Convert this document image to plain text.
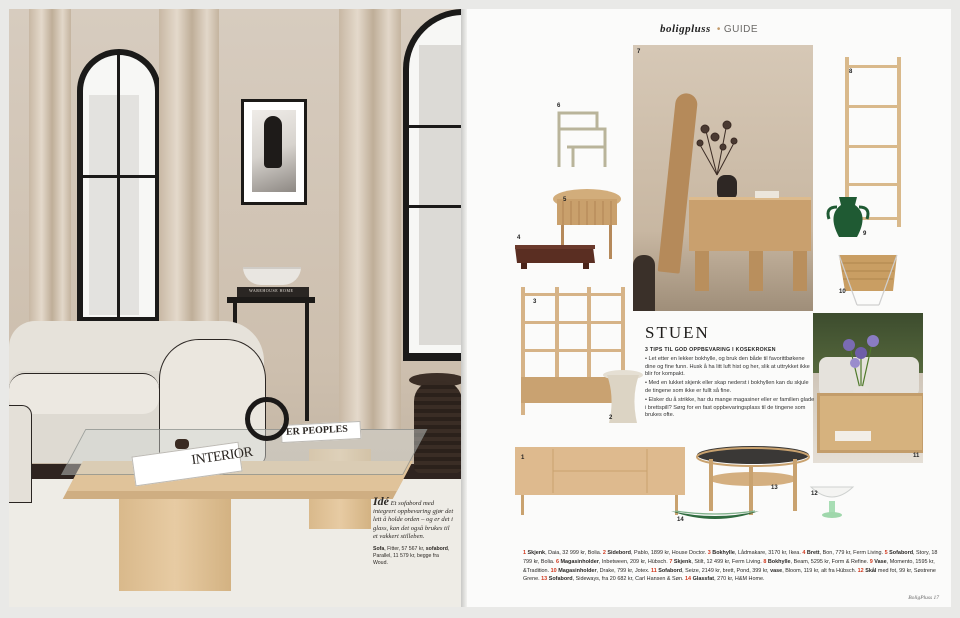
WAREHOUSE HOME
INTERIOR
ER PEOPLES
Idé Et sofabord med integrert oppbevaring gjør det lett å holde orden – og er det i glass, kan det også brukes til et vakkert stilleben.
Sofa, Fitter, 57 567 kr, sofabord, Parallel, 11 579 kr, begge fra Woud.
boligpluss • GUIDE
7
6
5
4
3
2
1
8
9
10
11
13
14
12
STUEN
3 TIPS TIL GOD OPPBEVARING I KOSEKROKEN

• Let etter en lekker bokhylle, og bruk den både til favorittbøkene dine og fine funn. Husk å ha litt luft hist og her, slik at uttrykket ikke blir for kompakt.

• Med en lukket skjenk eller skap nederst i bokhyllen kan du skjule de tingene som ikke er fullt så fine.

• Elsker du å strikke, har du mange magasiner eller er familien glade i brettspill? Sørg for en fast oppbevaringsplass til de tingene som brukes ofte.

1 Skjenk, Daia, 32 999 kr, Bolia. 2 Sidebord, Pablo, 1899 kr, House Doctor. 3 Bokhylle, Lådmakare, 3170 kr, Ikea. 4 Brett, Bon, 779 kr, Ferm Living. 5 Sofabord, Story, 18 799 kr, Bolia. 6 Magasinholder, Inbetween, 209 kr, Hübsch. 7 Skjenk, Stilt, 12 499 kr, Ferm Living. 8 Bokhylle, Beam, 5295 kr, Form & Refine. 9 Vase, Momento, 1595 kr, &Tradition. 10 Magasinholder, Drake, 799 kr, Jotex. 11 Sofabord, Seize, 2149 kr, brett, Pond, 399 kr, vase, Bloom, 119 kr, alt fra Hübsch. 12 Skål med fot, 99 kr, Søstrene Grene. 13 Sofabord, Sideways, fra 20 682 kr, Carl Hansen & Søn. 14 Glassfat, 270 kr, H&M Home.
BoligPluss 17
